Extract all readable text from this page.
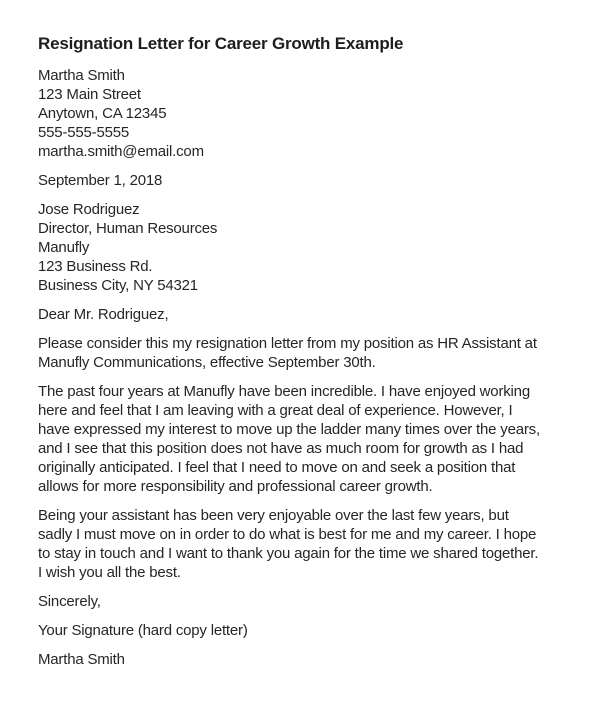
Resignation Letter for Career Growth Example
Martha Smith
123 Main Street
Anytown, CA 12345
555-555-5555
martha.smith@email.com
September 1, 2018
Jose Rodriguez
Director, Human Resources
Manufly
123 Business Rd.
Business City, NY 54321
Dear Mr. Rodriguez,

Please consider this my resignation letter from my position as HR Assistant at Manufly Communications, effective September 30th.

The past four years at Manufly have been incredible. I have enjoyed working here and feel that I am leaving with a great deal of experience. However, I have expressed my interest to move up the ladder many times over the years, and I see that this position does not have as much room for growth as I had originally anticipated. I feel that I need to move on and seek a position that allows for more responsibility and professional career growth.

Being your assistant has been very enjoyable over the last few years, but sadly I must move on in order to do what is best for me and my career. I hope to stay in touch and I want to thank you again for the time we shared together. I wish you all the best.

Sincerely,
Your Signature (hard copy letter)
Martha Smith
